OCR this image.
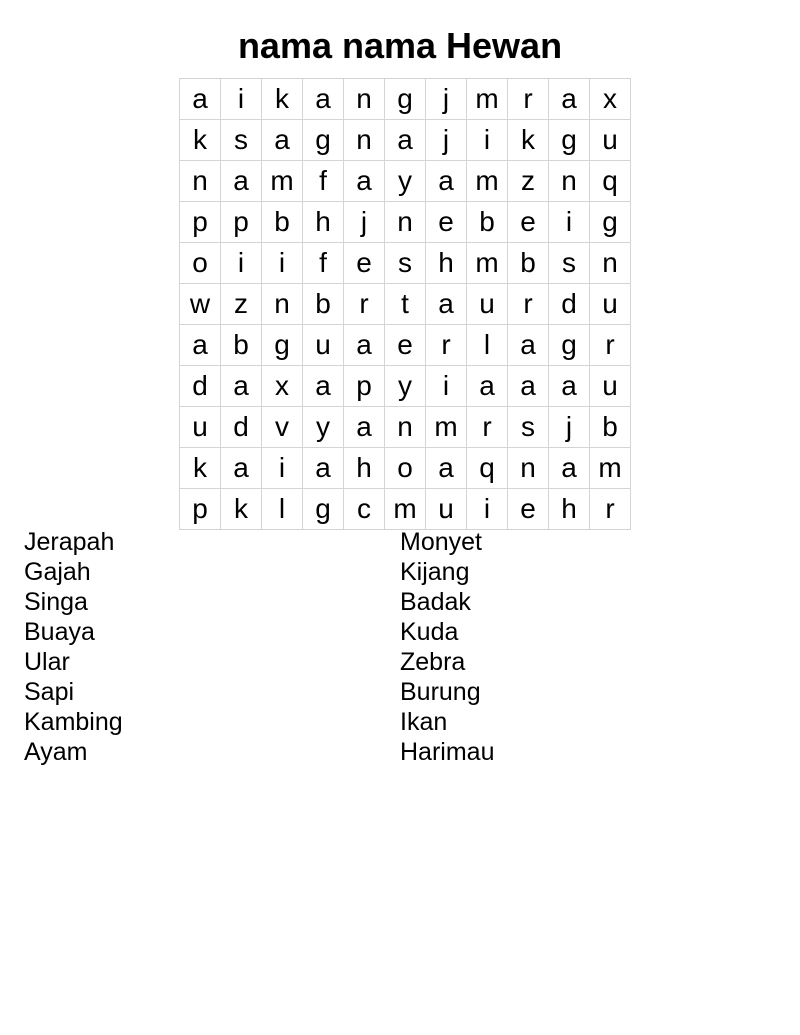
nama nama Hewan
a	i	k	a	n	g	j	m	r	a	x
k	s	a	g	n	a	j	i	k	g	u
n	a	m	f	a	y	a	m	z	n	q
p	p	b	h	j	n	e	b	e	i	g
o	i	i	f	e	s	h	m	b	s	n
w	z	n	b	r	t	a	u	r	d	u
a	b	g	u	a	e	r	l	a	g	r
d	a	x	a	p	y	i	a	a	a	u
u	d	v	y	a	n	m	r	s	j	b
k	a	i	a	h	o	a	q	n	a	m
p	k	l	g	c	m	u	i	e	h	r
Jerapah
Gajah
Singa
Buaya
Ular
Sapi
Kambing
Ayam
Monyet
Kijang
Badak
Kuda
Zebra
Burung
Ikan
Harimau
